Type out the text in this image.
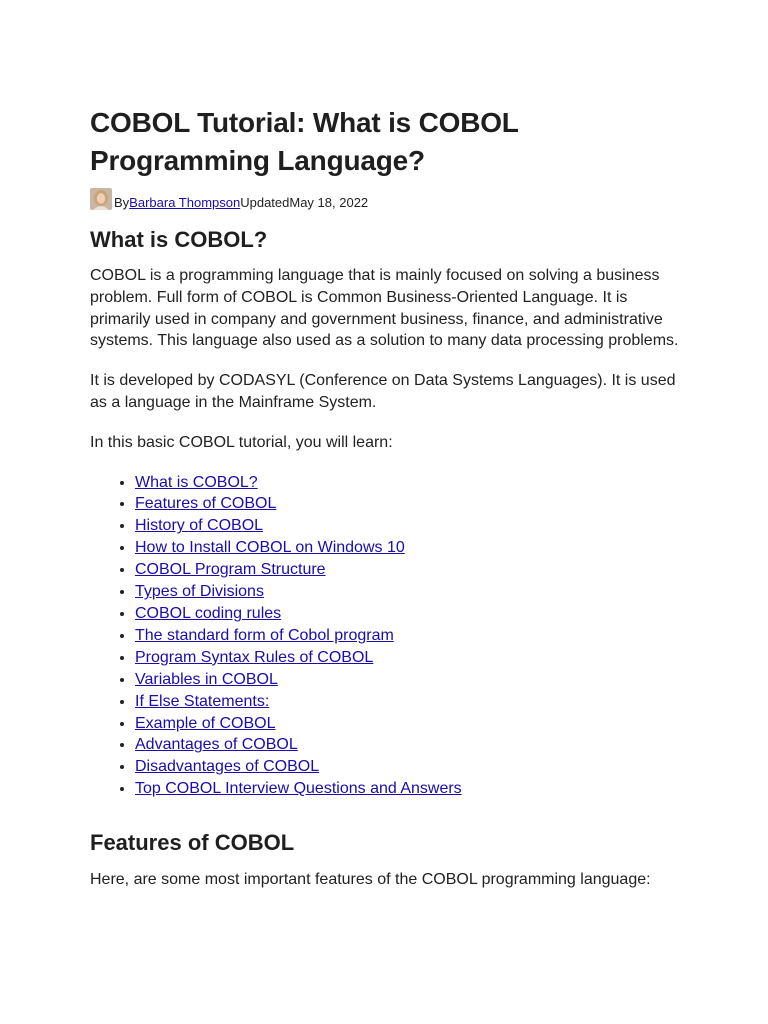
COBOL Tutorial: What is COBOL Programming Language?
By Barbara Thompson Updated May 18, 2022
What is COBOL?

COBOL is a programming language that is mainly focused on solving a business problem. Full form of COBOL is Common Business-Oriented Language. It is primarily used in company and government business, finance, and administrative systems. This language also used as a solution to many data processing problems.

It is developed by CODASYL (Conference on Data Systems Languages). It is used as a language in the Mainframe System.

In this basic COBOL tutorial, you will learn:

• What is COBOL?
• Features of COBOL
• History of COBOL
• How to Install COBOL on Windows 10
• COBOL Program Structure
• Types of Divisions
• COBOL coding rules
• The standard form of Cobol program
• Program Syntax Rules of COBOL
• Variables in COBOL
• If Else Statements:
• Example of COBOL
• Advantages of COBOL
• Disadvantages of COBOL
• Top COBOL Interview Questions and Answers
Features of COBOL

Here, are some most important features of the COBOL programming language:
